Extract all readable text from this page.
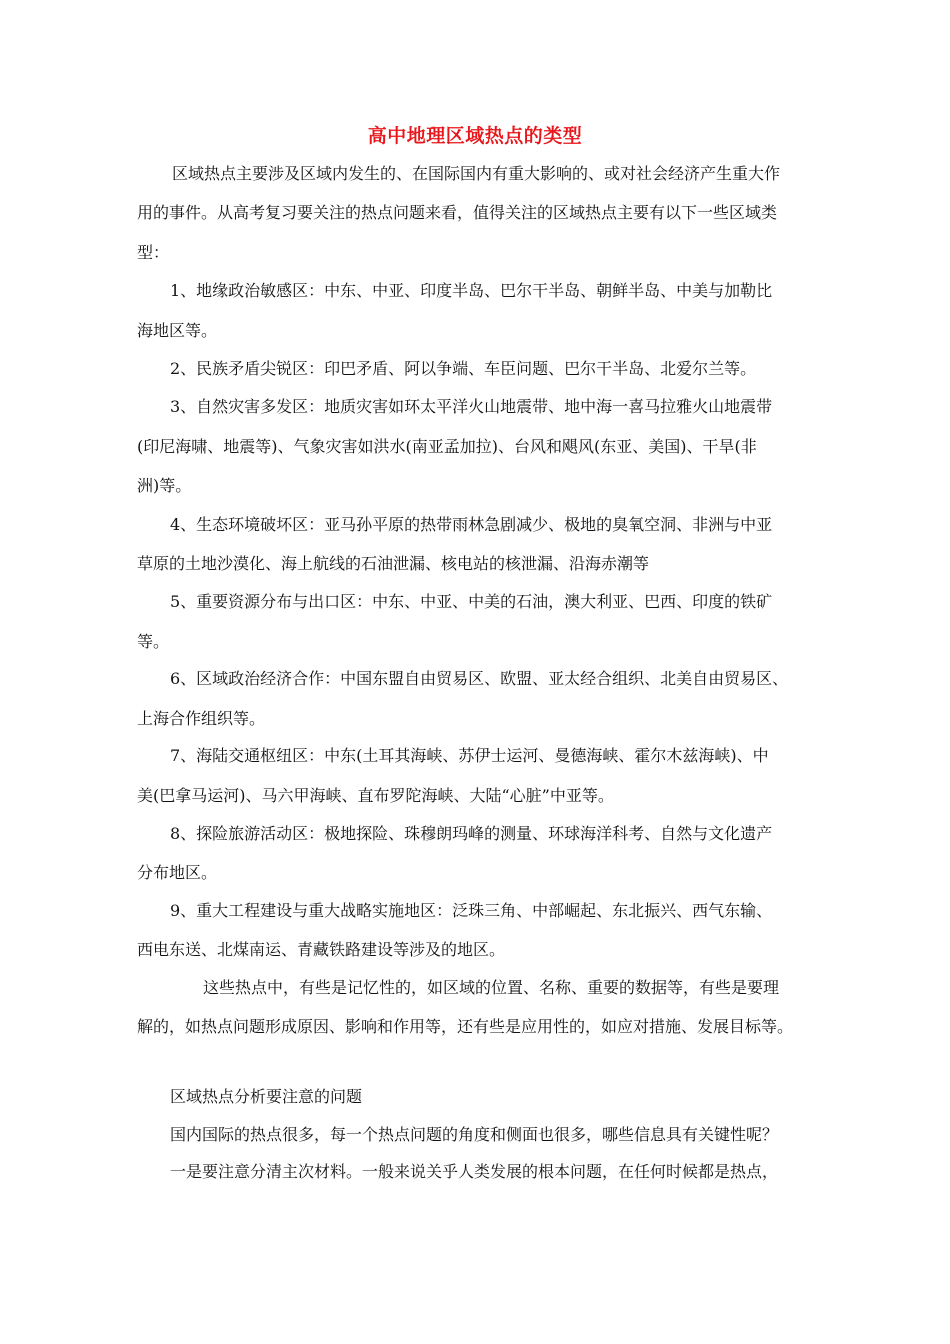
高中地理区域热点的类型
区域热点主要涉及区域内发生的、在国际国内有重大影响的、或对社会经济产生重大作
用的事件。从高考复习要关注的热点问题来看，值得关注的区域热点主要有以下一些区域类
型：
1、地缘政治敏感区：中东、中亚、印度半岛、巴尔干半岛、朝鲜半岛、中美与加勒比
海地区等。
2、民族矛盾尖锐区：印巴矛盾、阿以争端、车臣问题、巴尔干半岛、北爱尔兰等。
3、自然灾害多发区：地质灾害如环太平洋火山地震带、地中海一喜马拉雅火山地震带
(印尼海啸、地震等)、气象灾害如洪水(南亚孟加拉)、台风和飓风(东亚、美国)、干旱(非
洲)等。
4、生态环境破坏区：亚马孙平原的热带雨林急剧减少、极地的臭氧空洞、非洲与中亚
草原的土地沙漠化、海上航线的石油泄漏、核电站的核泄漏、沿海赤潮等
5、重要资源分布与出口区：中东、中亚、中美的石油，澳大利亚、巴西、印度的铁矿
等。
6、区域政治经济合作：中国东盟自由贸易区、欧盟、亚太经合组织、北美自由贸易区、
上海合作组织等。
7、海陆交通枢纽区：中东(土耳其海峡、苏伊士运河、曼德海峡、霍尔木兹海峡)、中
美(巴拿马运河)、马六甲海峡、直布罗陀海峡、大陆“心脏”中亚等。
8、探险旅游活动区：极地探险、珠穆朗玛峰的测量、环球海洋科考、自然与文化遗产
分布地区。
9、重大工程建设与重大战略实施地区：泛珠三角、中部崛起、东北振兴、西气东输、
西电东送、北煤南运、青藏铁路建设等涉及的地区。
这些热点中，有些是记忆性的，如区域的位置、名称、重要的数据等，有些是要理
解的，如热点问题形成原因、影响和作用等，还有些是应用性的，如应对措施、发展目标等。
区域热点分析要注意的问题
国内国际的热点很多，每一个热点问题的角度和侧面也很多，哪些信息具有关键性呢？
一是要注意分清主次材料。一般来说关乎人类发展的根本问题，在任何时候都是热点，
